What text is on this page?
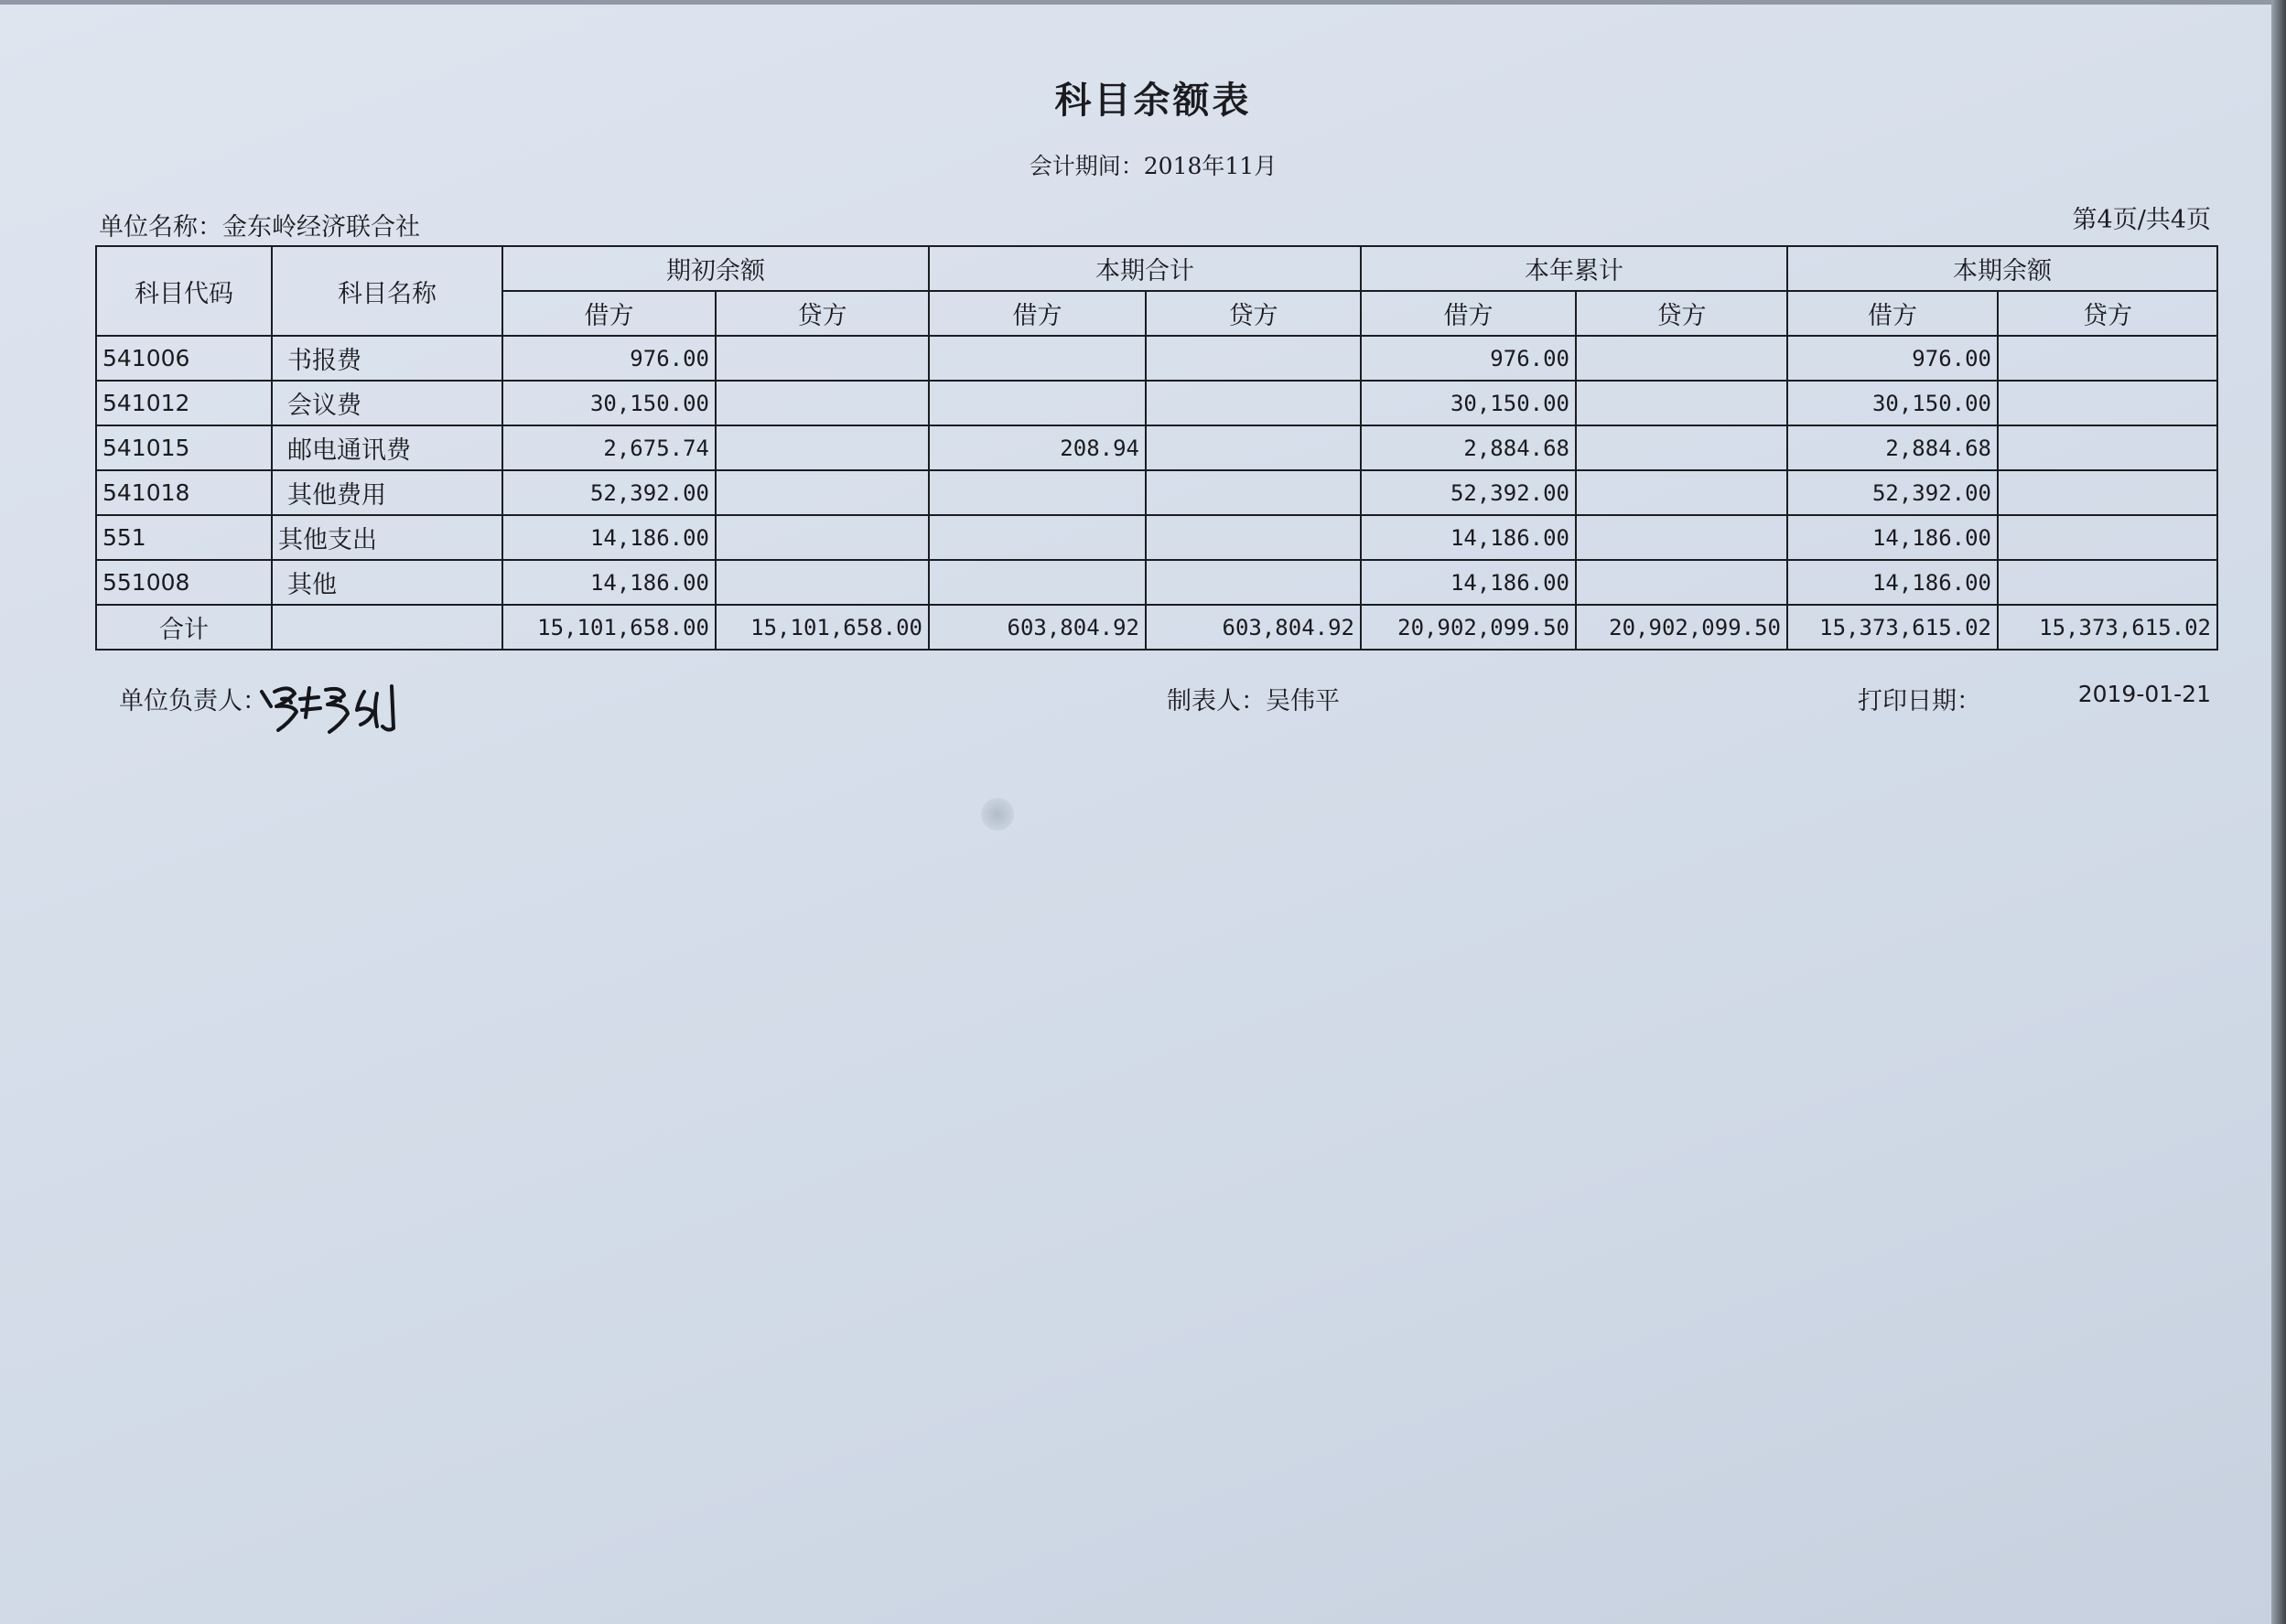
科目余额表
会计期间：2018年11月
单位名称：金东岭经济联合社	第4页/共4页
科目代码	科目名称	期初余额		本期合计		本年累计		本期余额	
		借方	贷方	借方	贷方	借方	贷方	借方	贷方
541006	书报费	976.00				976.00		976.00	
541012	会议费	30,150.00				30,150.00		30,150.00	
541015	邮电通讯费	2,675.74		208.94		2,884.68		2,884.68	
541018	其他费用	52,392.00				52,392.00		52,392.00	
551	其他支出	14,186.00				14,186.00		14,186.00	
551008	其他	14,186.00				14,186.00		14,186.00	
合计		15,101,658.00	15,101,658.00	603,804.92	603,804.92	20,902,099.50	20,902,099.50	15,373,615.02	15,373,615.02
单位负责人：	制表人：吴伟平	打印日期：	2019-01-21
